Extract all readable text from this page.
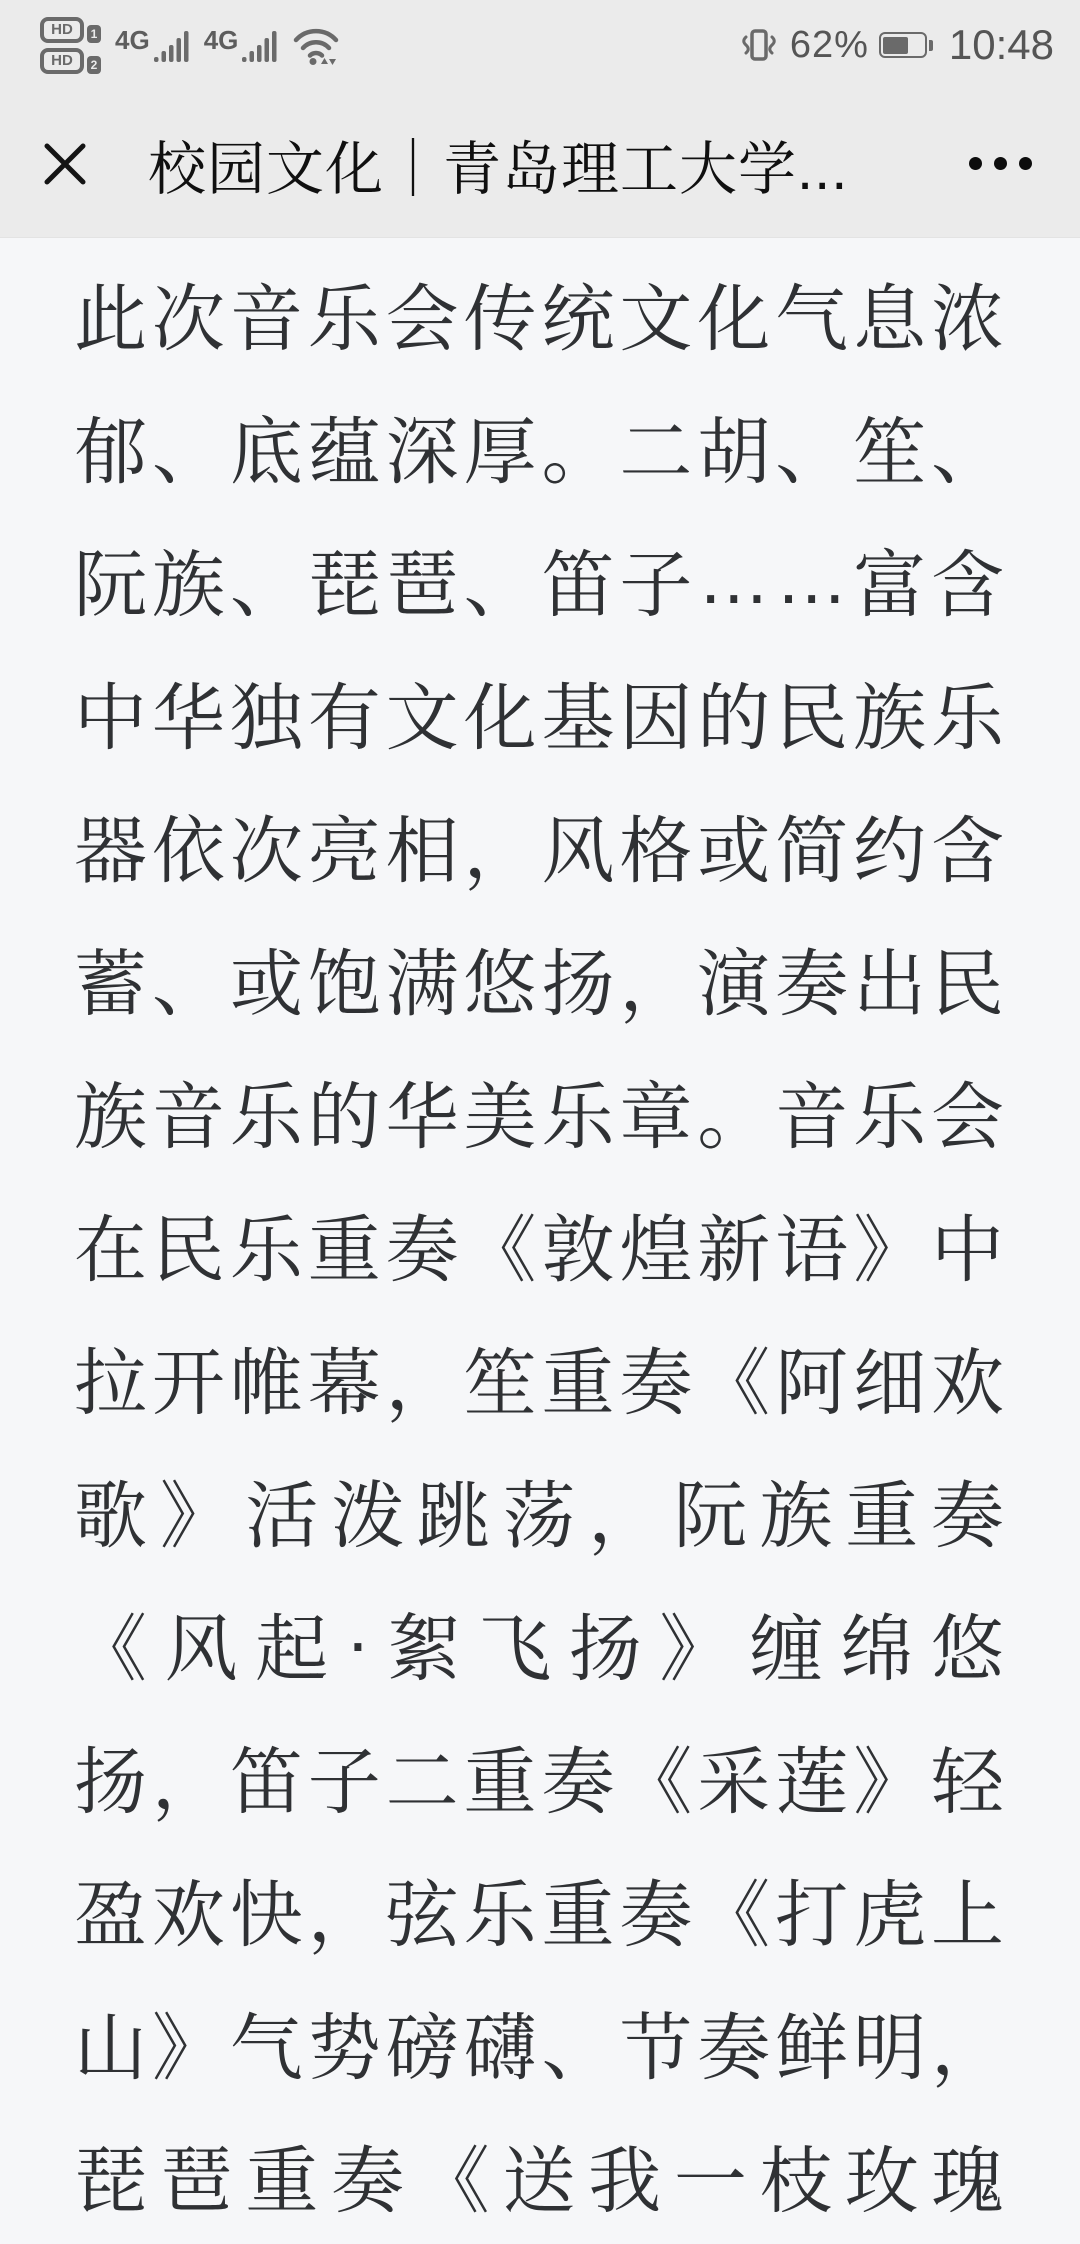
HD	1
HD	2
4G 4G	62% 10:48
校园文化｜青岛理工大学...
此 次 音 乐 会 传 统 文 化 气 息 浓
郁 、 底 蕴 深 厚 。 二 胡 、 笙 、
阮 族 、 琵 琶 、 笛 子 … … 富 含
中 华 独 有 文 化 基 因 的 民 族 乐
器 依 次 亮 相 ， 风 格 或 简 约 含
蓄 、 或 饱 满 悠 扬 ， 演 奏 出 民
族 音 乐 的 华 美 乐 章 。 音 乐 会
在 民 乐 重 奏 《 敦 煌 新 语 》 中
拉 开 帷 幕 ， 笙 重 奏 《 阿 细 欢
歌 》 活 泼 跳 荡 ， 阮 族 重 奏
《 风 起 · 絮 飞 扬 》 缠 绵 悠
扬 ， 笛 子 二 重 奏 《 采 莲 》 轻
盈 欢 快 ， 弦 乐 重 奏 《 打 虎 上
山 》 气 势 磅 礴 、 节 奏 鲜 明 ，
琵 琶 重 奏 《 送 我 一 枝 玫 瑰
